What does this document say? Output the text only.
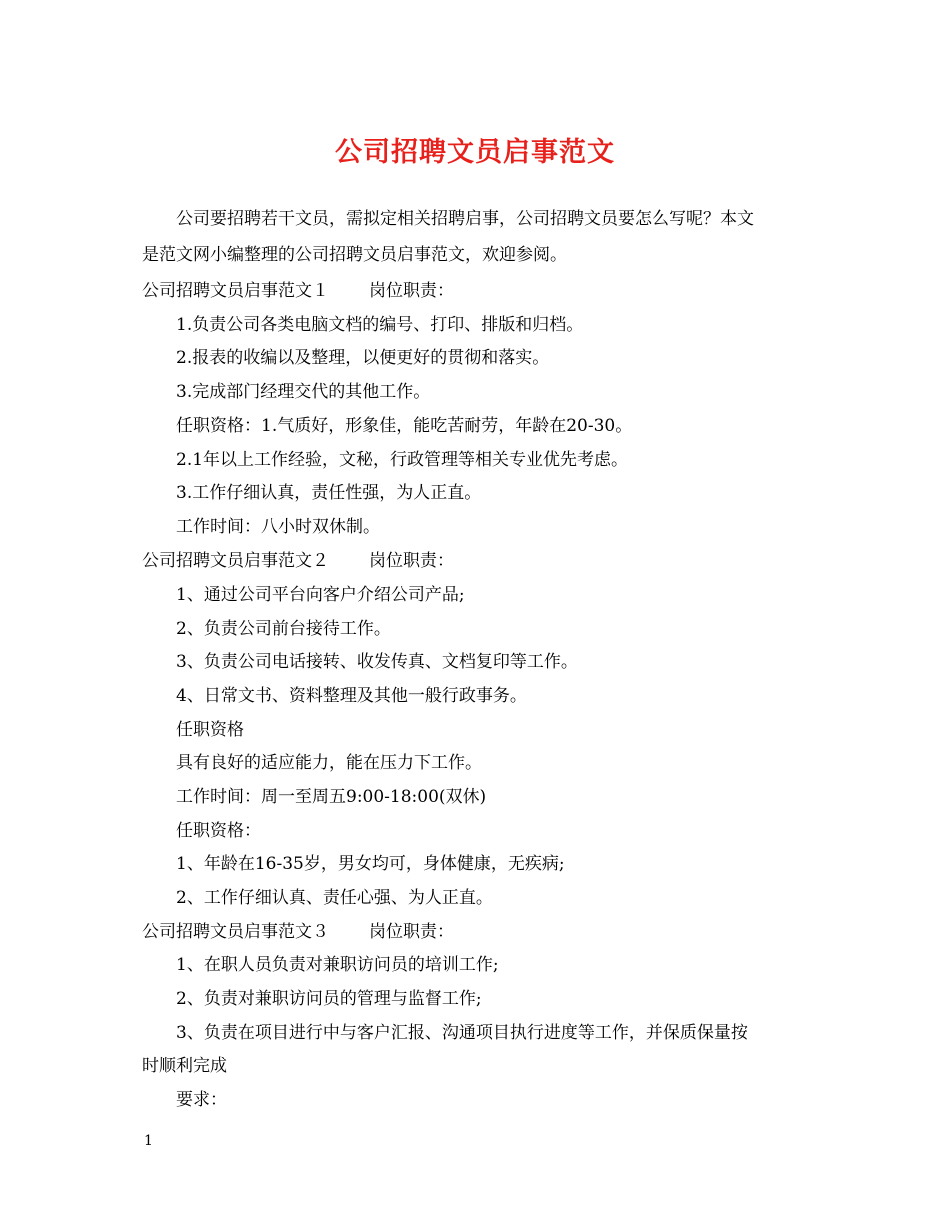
公司招聘文员启事范文
公司要招聘若干文员，需拟定相关招聘启事，公司招聘文员要怎么写呢？本文
是范文网小编整理的公司招聘文员启事范文，欢迎参阅。
公司招聘文员启事范文１ 岗位职责：
1.负责公司各类电脑文档的编号、打印、排版和归档。
2.报表的收编以及整理，以便更好的贯彻和落实。
3.完成部门经理交代的其他工作。
任职资格：1.气质好，形象佳，能吃苦耐劳，年龄在20-30。
2.1年以上工作经验，文秘，行政管理等相关专业优先考虑。
3.工作仔细认真，责任性强，为人正直。
工作时间：八小时双休制。
公司招聘文员启事范文２ 岗位职责：
1、通过公司平台向客户介绍公司产品;
2、负责公司前台接待工作。
3、负责公司电话接转、收发传真、文档复印等工作。
4、日常文书、资料整理及其他一般行政事务。
任职资格
具有良好的适应能力，能在压力下工作。
工作时间：周一至周五9:00-18:00(双休)
任职资格：
1、年龄在16-35岁，男女均可，身体健康，无疾病;
2、工作仔细认真、责任心强、为人正直。
公司招聘文员启事范文３ 岗位职责：
1、在职人员负责对兼职访问员的培训工作;
2、负责对兼职访问员的管理与监督工作;
3、负责在项目进行中与客户汇报、沟通项目执行进度等工作，并保质保量按
时顺利完成
要求：
1
